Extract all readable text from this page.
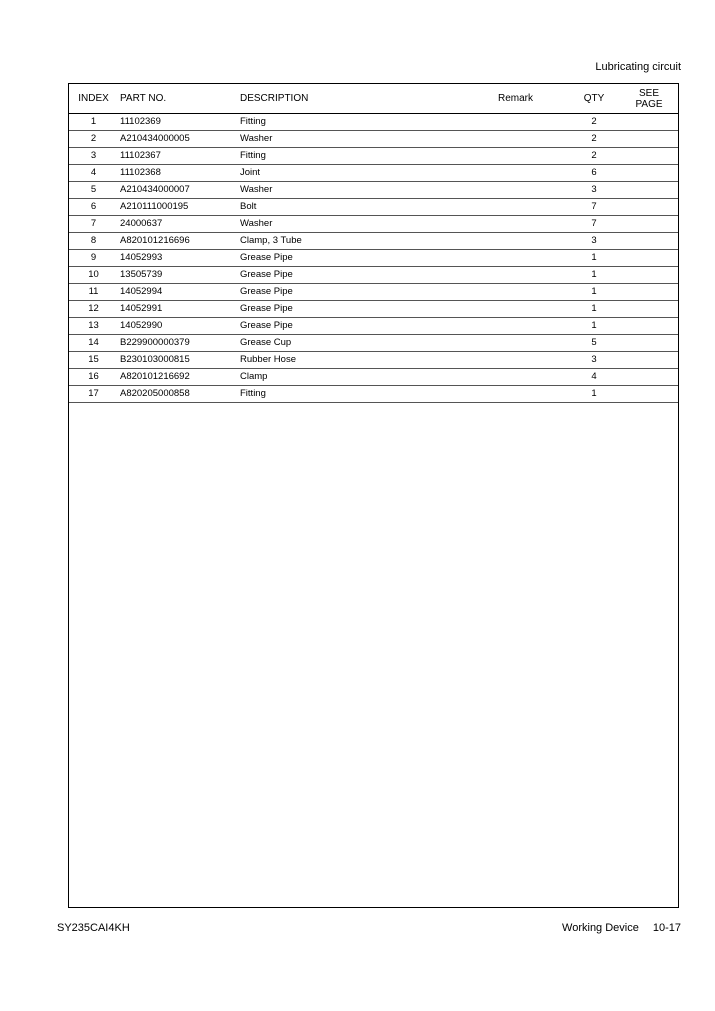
Lubricating circuit
INDEX	PART NO.	DESCRIPTION	Remark	QTY	SEE
PAGE
1	11102369	Fitting		2	
2	A210434000005	Washer		2	
3	11102367	Fitting		2	
4	11102368	Joint		6	
5	A210434000007	Washer		3	
6	A210111000195	Bolt		7	
7	24000637	Washer		7	
8	A820101216696	Clamp, 3 Tube		3	
9	14052993	Grease Pipe		1	
10	13505739	Grease Pipe		1	
11	14052994	Grease Pipe		1	
12	14052991	Grease Pipe		1	
13	14052990	Grease Pipe		1	
14	B229900000379	Grease Cup		5	
15	B230103000815	Rubber Hose		3	
16	A820101216692	Clamp		4	
17	A820205000858	Fitting		1	
SY235CAI4KH	Working Device 10-17
